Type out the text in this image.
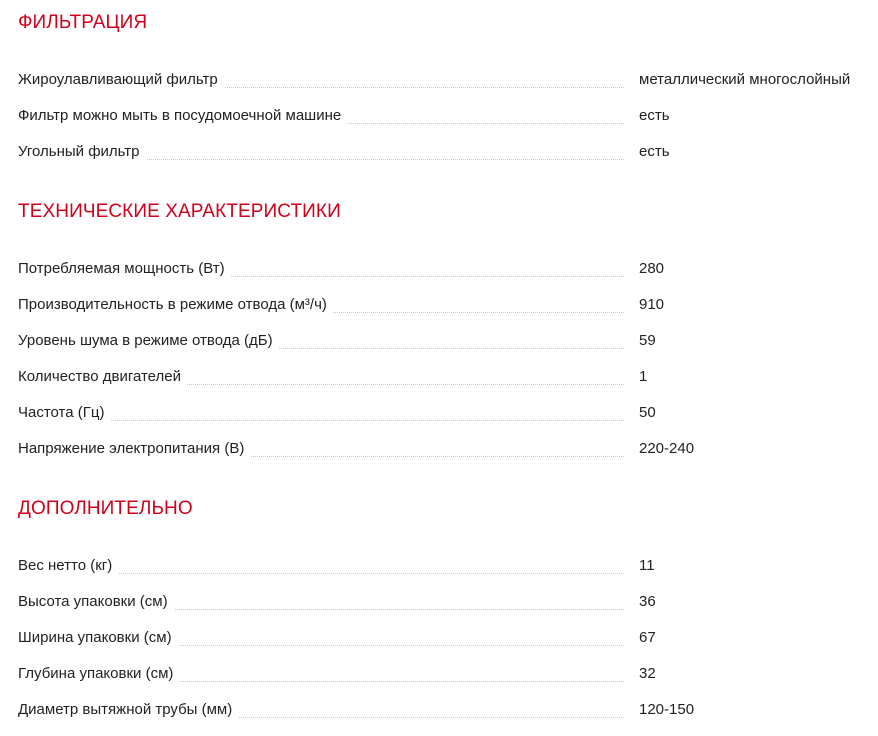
ФИЛЬТРАЦИЯ
Жироулавливающий фильтр	металлический многослойный
Фильтр можно мыть в посудомоечной машине	есть
Угольный фильтр	есть
ТЕХНИЧЕСКИЕ ХАРАКТЕРИСТИКИ
Потребляемая мощность (Вт)	280
Производительность в режиме отвода (м³/ч)	910
Уровень шума в режиме отвода (дБ)	59
Количество двигателей	1
Частота (Гц)	50
Напряжение электропитания (В)	220-240
ДОПОЛНИТЕЛЬНО
Вес нетто (кг)	11
Высота упаковки (см)	36
Ширина упаковки (см)	67
Глубина упаковки (см)	32
Диаметр вытяжной трубы (мм)	120-150
